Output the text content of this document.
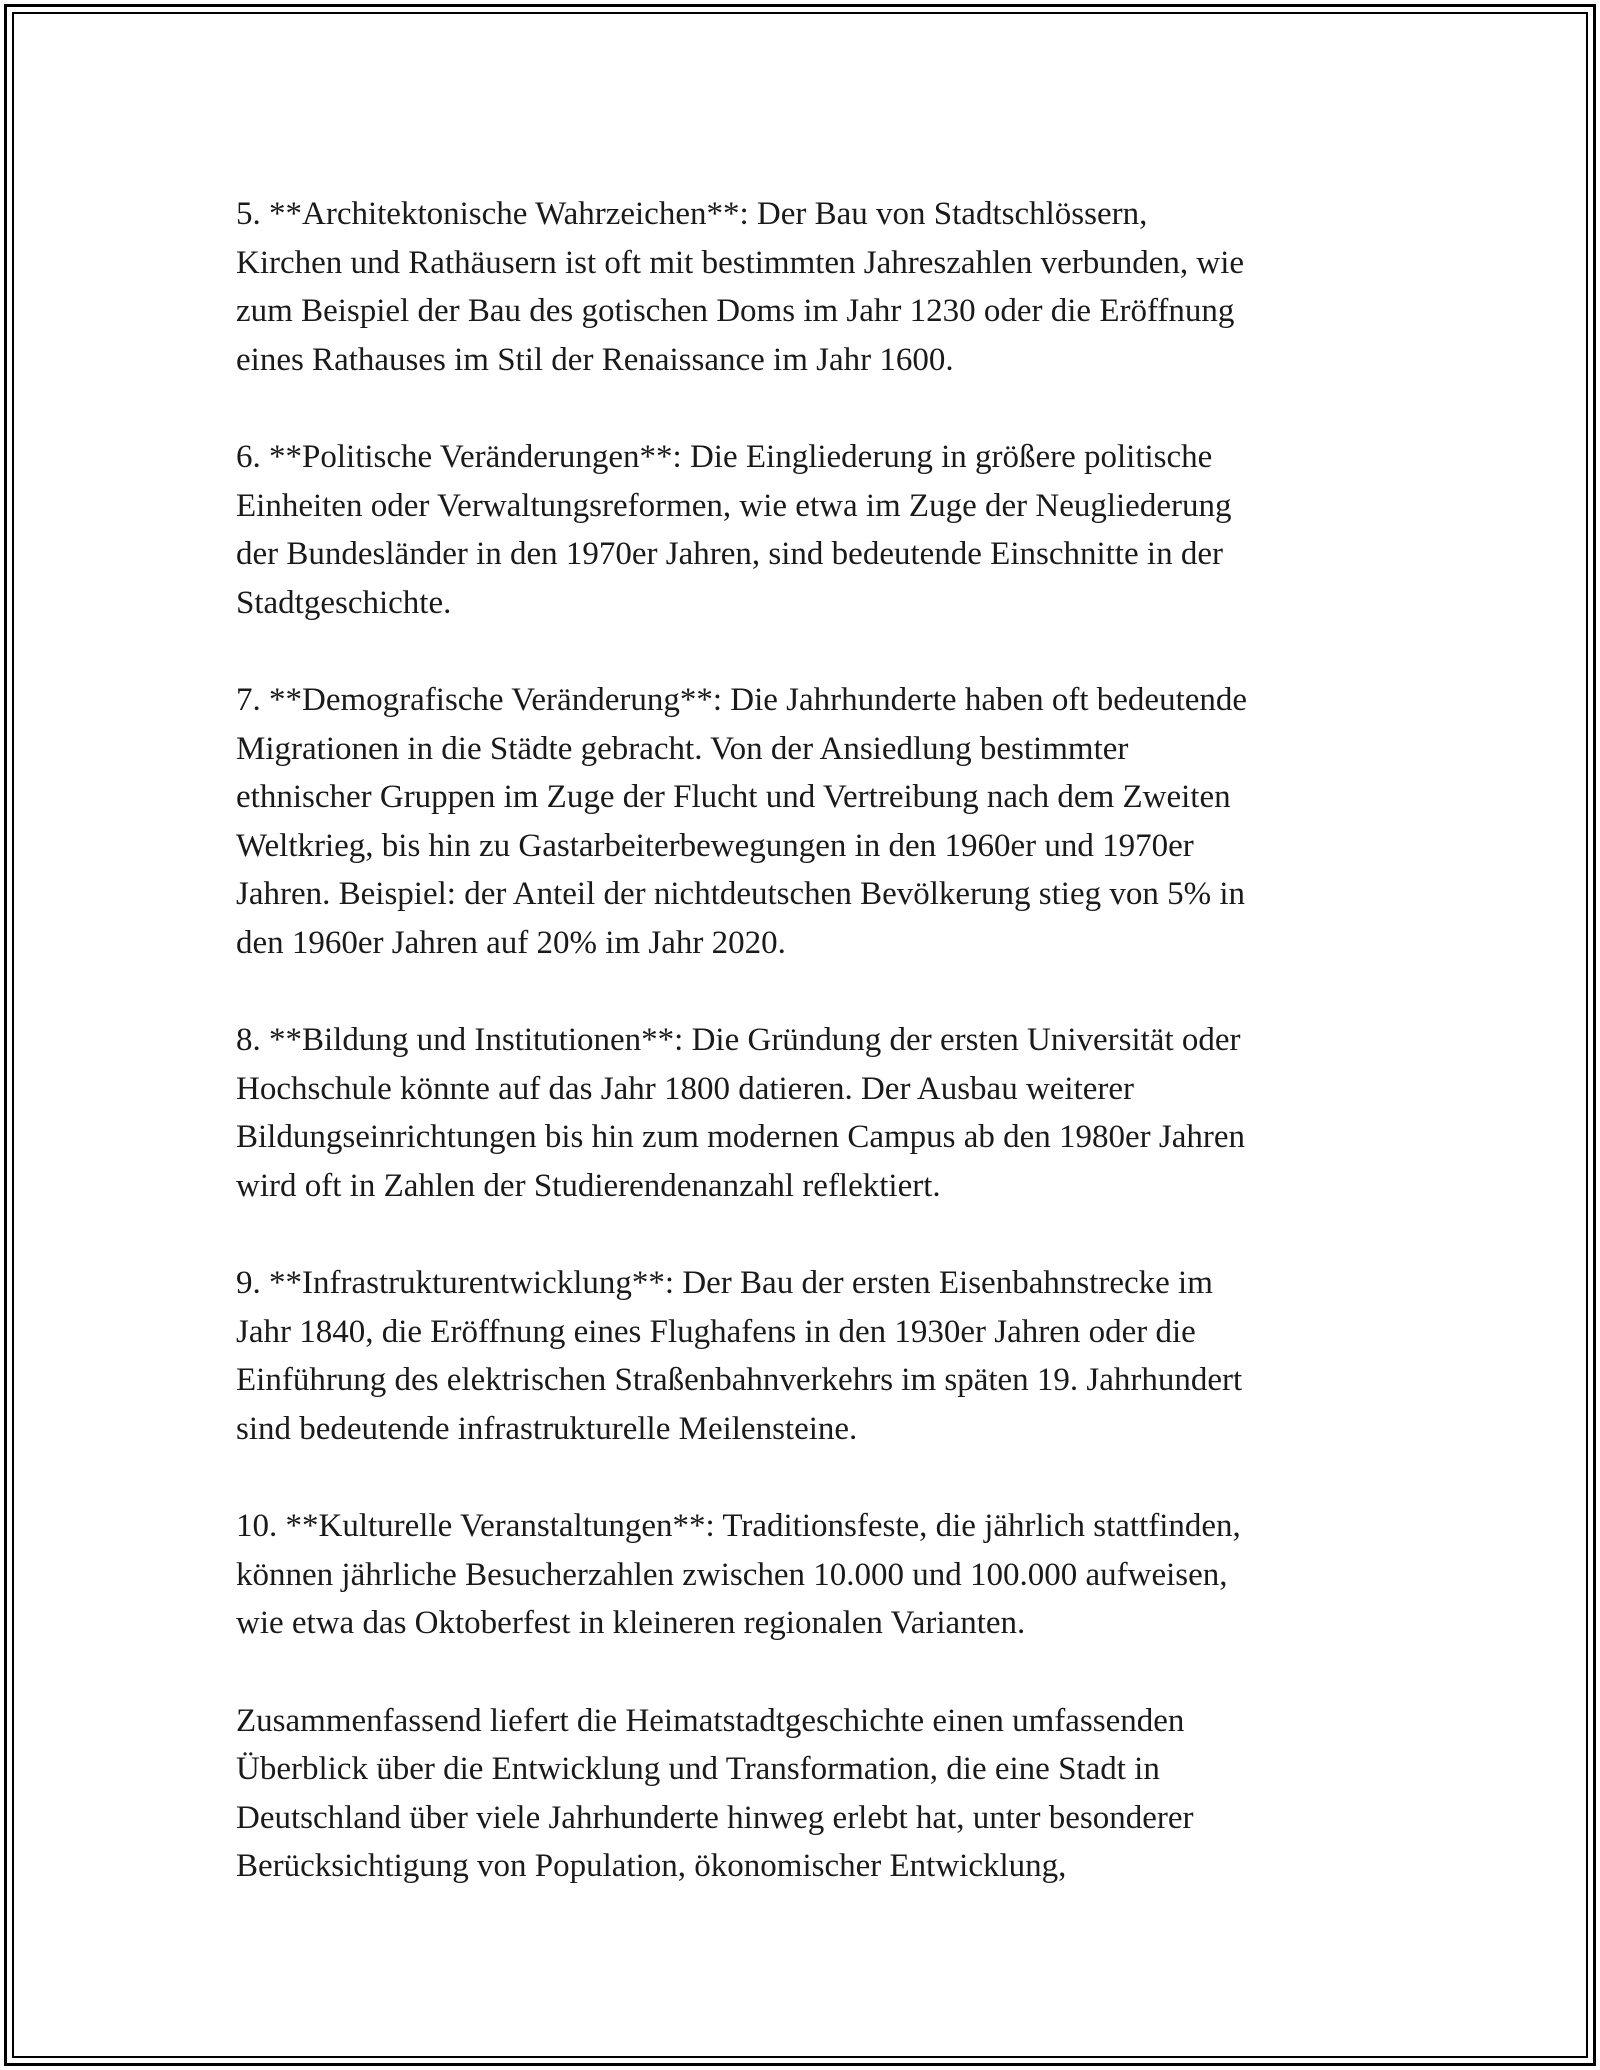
5. **Architektonische Wahrzeichen**: Der Bau von Stadtschlössern,
Kirchen und Rathäusern ist oft mit bestimmten Jahreszahlen verbunden, wie
zum Beispiel der Bau des gotischen Doms im Jahr 1230 oder die Eröffnung
eines Rathauses im Stil der Renaissance im Jahr 1600.

6. **Politische Veränderungen**: Die Eingliederung in größere politische
Einheiten oder Verwaltungsreformen, wie etwa im Zuge der Neugliederung
der Bundesländer in den 1970er Jahren, sind bedeutende Einschnitte in der
Stadtgeschichte.

7. **Demografische Veränderung**: Die Jahrhunderte haben oft bedeutende
Migrationen in die Städte gebracht. Von der Ansiedlung bestimmter
ethnischer Gruppen im Zuge der Flucht und Vertreibung nach dem Zweiten
Weltkrieg, bis hin zu Gastarbeiterbewegungen in den 1960er und 1970er
Jahren. Beispiel: der Anteil der nichtdeutschen Bevölkerung stieg von 5% in
den 1960er Jahren auf 20% im Jahr 2020.

8. **Bildung und Institutionen**: Die Gründung der ersten Universität oder
Hochschule könnte auf das Jahr 1800 datieren. Der Ausbau weiterer
Bildungseinrichtungen bis hin zum modernen Campus ab den 1980er Jahren
wird oft in Zahlen der Studierendenanzahl reflektiert.

9. **Infrastrukturentwicklung**: Der Bau der ersten Eisenbahnstrecke im
Jahr 1840, die Eröffnung eines Flughafens in den 1930er Jahren oder die
Einführung des elektrischen Straßenbahnverkehrs im späten 19. Jahrhundert
sind bedeutende infrastrukturelle Meilensteine.

10. **Kulturelle Veranstaltungen**: Traditionsfeste, die jährlich stattfinden,
können jährliche Besucherzahlen zwischen 10.000 und 100.000 aufweisen,
wie etwa das Oktoberfest in kleineren regionalen Varianten.

Zusammenfassend liefert die Heimatstadtgeschichte einen umfassenden
Überblick über die Entwicklung und Transformation, die eine Stadt in
Deutschland über viele Jahrhunderte hinweg erlebt hat, unter besonderer
Berücksichtigung von Population, ökonomischer Entwicklung,
